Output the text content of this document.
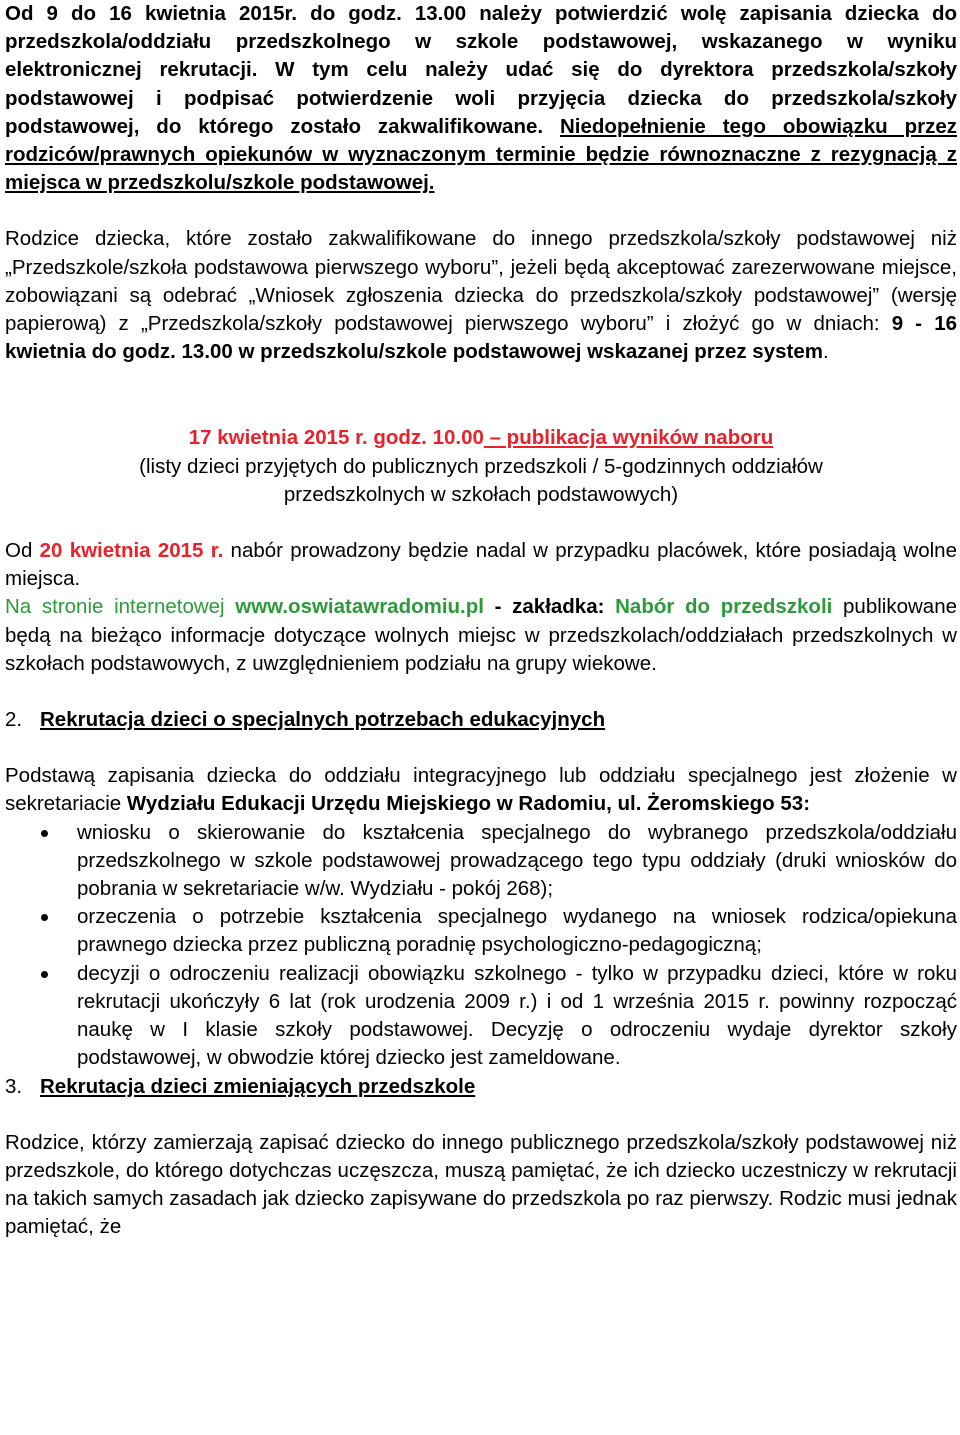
Od 9 do 16 kwietnia 2015r. do godz. 13.00 należy potwierdzić wolę zapisania dziecka do przedszkola/oddziału przedszkolnego w szkole podstawowej, wskazanego w wyniku elektronicznej rekrutacji. W tym celu należy udać się do dyrektora przedszkola/szkoły podstawowej i podpisać potwierdzenie woli przyjęcia dziecka do przedszkola/szkoły podstawowej, do którego zostało zakwalifikowane. Niedopełnienie tego obowiązku przez rodziców/prawnych opiekunów w wyznaczonym terminie będzie równoznaczne z rezygnacją z miejsca w przedszkolu/szkole podstawowej.

Rodzice dziecka, które zostało zakwalifikowane do innego przedszkola/szkoły podstawowej niż „Przedszkole/szkoła podstawowa pierwszego wyboru”, jeżeli będą akceptować zarezerwowane miejsce, zobowiązani są odebrać „Wniosek zgłoszenia dziecka do przedszkola/szkoły podstawowej” (wersję papierową) z „Przedszkola/szkoły podstawowej pierwszego wyboru” i złożyć go w dniach: 9 - 16 kwietnia do godz. 13.00 w przedszkolu/szkole podstawowej wskazanej przez system.

17 kwietnia 2015 r. godz. 10.00 – publikacja wyników naboru

(listy dzieci przyjętych do publicznych przedszkoli / 5-godzinnych oddziałów

przedszkolnych w szkołach podstawowych)

Od 20 kwietnia 2015 r. nabór prowadzony będzie nadal w przypadku placówek, które posiadają wolne miejsca.

Na stronie internetowej www.oswiatawradomiu.pl - zakładka: Nabór do przedszkoli publikowane będą na bieżąco informacje dotyczące wolnych miejsc w przedszkolach/oddziałach przedszkolnych w szkołach podstawowych, z uwzględnieniem podziału na grupy wiekowe.

2. Rekrutacja dzieci o specjalnych potrzebach edukacyjnych

Podstawą zapisania dziecka do oddziału integracyjnego lub oddziału specjalnego jest złożenie w sekretariacie Wydziału Edukacji Urzędu Miejskiego w Radomiu, ul. Żeromskiego 53:

wniosku o skierowanie do kształcenia specjalnego do wybranego przedszkola/oddziału przedszkolnego w szkole podstawowej prowadzącego tego typu oddziały (druki wniosków do pobrania w sekretariacie w/w. Wydziału - pokój 268);
orzeczenia o potrzebie kształcenia specjalnego wydanego na wniosek rodzica/opiekuna prawnego dziecka przez publiczną poradnię psychologiczno-pedagogiczną;
decyzji o odroczeniu realizacji obowiązku szkolnego - tylko w przypadku dzieci, które w roku rekrutacji ukończyły 6 lat (rok urodzenia 2009 r.) i od 1 września 2015 r. powinny rozpocząć naukę w I klasie szkoły podstawowej. Decyzję o odroczeniu wydaje dyrektor szkoły podstawowej, w obwodzie której dziecko jest zameldowane.
3. Rekrutacja dzieci zmieniających przedszkole

Rodzice, którzy zamierzają zapisać dziecko do innego publicznego przedszkola/szkoły podstawowej niż przedszkole, do którego dotychczas uczęszcza, muszą pamiętać, że ich dziecko uczestniczy w rekrutacji na takich samych zasadach jak dziecko zapisywane do przedszkola po raz pierwszy. Rodzic musi jednak pamiętać, że
